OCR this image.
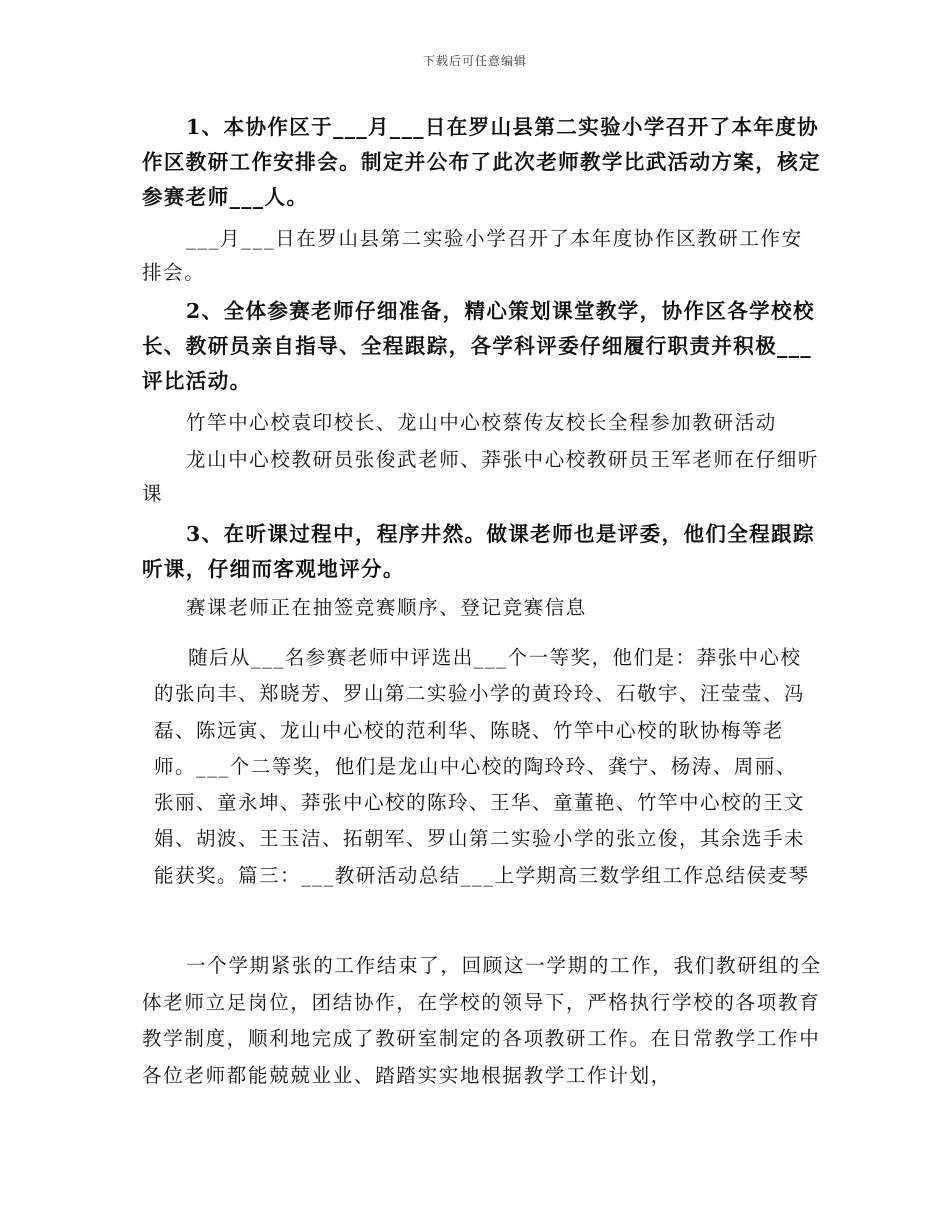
下载后可任意编辑

1、本协作区于___月___日在罗山县第二实验小学召开了本年度协作区教研工作安排会。制定并公布了此次老师教学比武活动方案，核定参赛老师___人。

___月___日在罗山县第二实验小学召开了本年度协作区教研工作安排会。

2、全体参赛老师仔细准备，精心策划课堂教学，协作区各学校校长、教研员亲自指导、全程跟踪，各学科评委仔细履行职责并积极___评比活动。

竹竿中心校袁印校长、龙山中心校蔡传友校长全程参加教研活动

龙山中心校教研员张俊武老师、莽张中心校教研员王军老师在仔细听课

3、在听课过程中，程序井然。做课老师也是评委，他们全程跟踪听课，仔细而客观地评分。

赛课老师正在抽签竞赛顺序、登记竞赛信息

随后从___名参赛老师中评选出___个一等奖，他们是：莽张中心校的张向丰、郑晓芳、罗山第二实验小学的黄玲玲、石敬宇、汪莹莹、冯磊、陈远寅、龙山中心校的范利华、陈晓、竹竿中心校的耿协梅等老师。___个二等奖，他们是龙山中心校的陶玲玲、龚宁、杨涛、周丽、张丽、童永坤、莽张中心校的陈玲、王华、童董艳、竹竿中心校的王文娟、胡波、王玉洁、拓朝军、罗山第二实验小学的张立俊，其余选手未能获奖。篇三：___教研活动总结___上学期高三数学组工作总结侯麦琴

一个学期紧张的工作结束了，回顾这一学期的工作，我们教研组的全体老师立足岗位，团结协作，在学校的领导下，严格执行学校的各项教育教学制度，顺利地完成了教研室制定的各项教研工作。在日常教学工作中各位老师都能兢兢业业、踏踏实实地根据教学工作计划，
